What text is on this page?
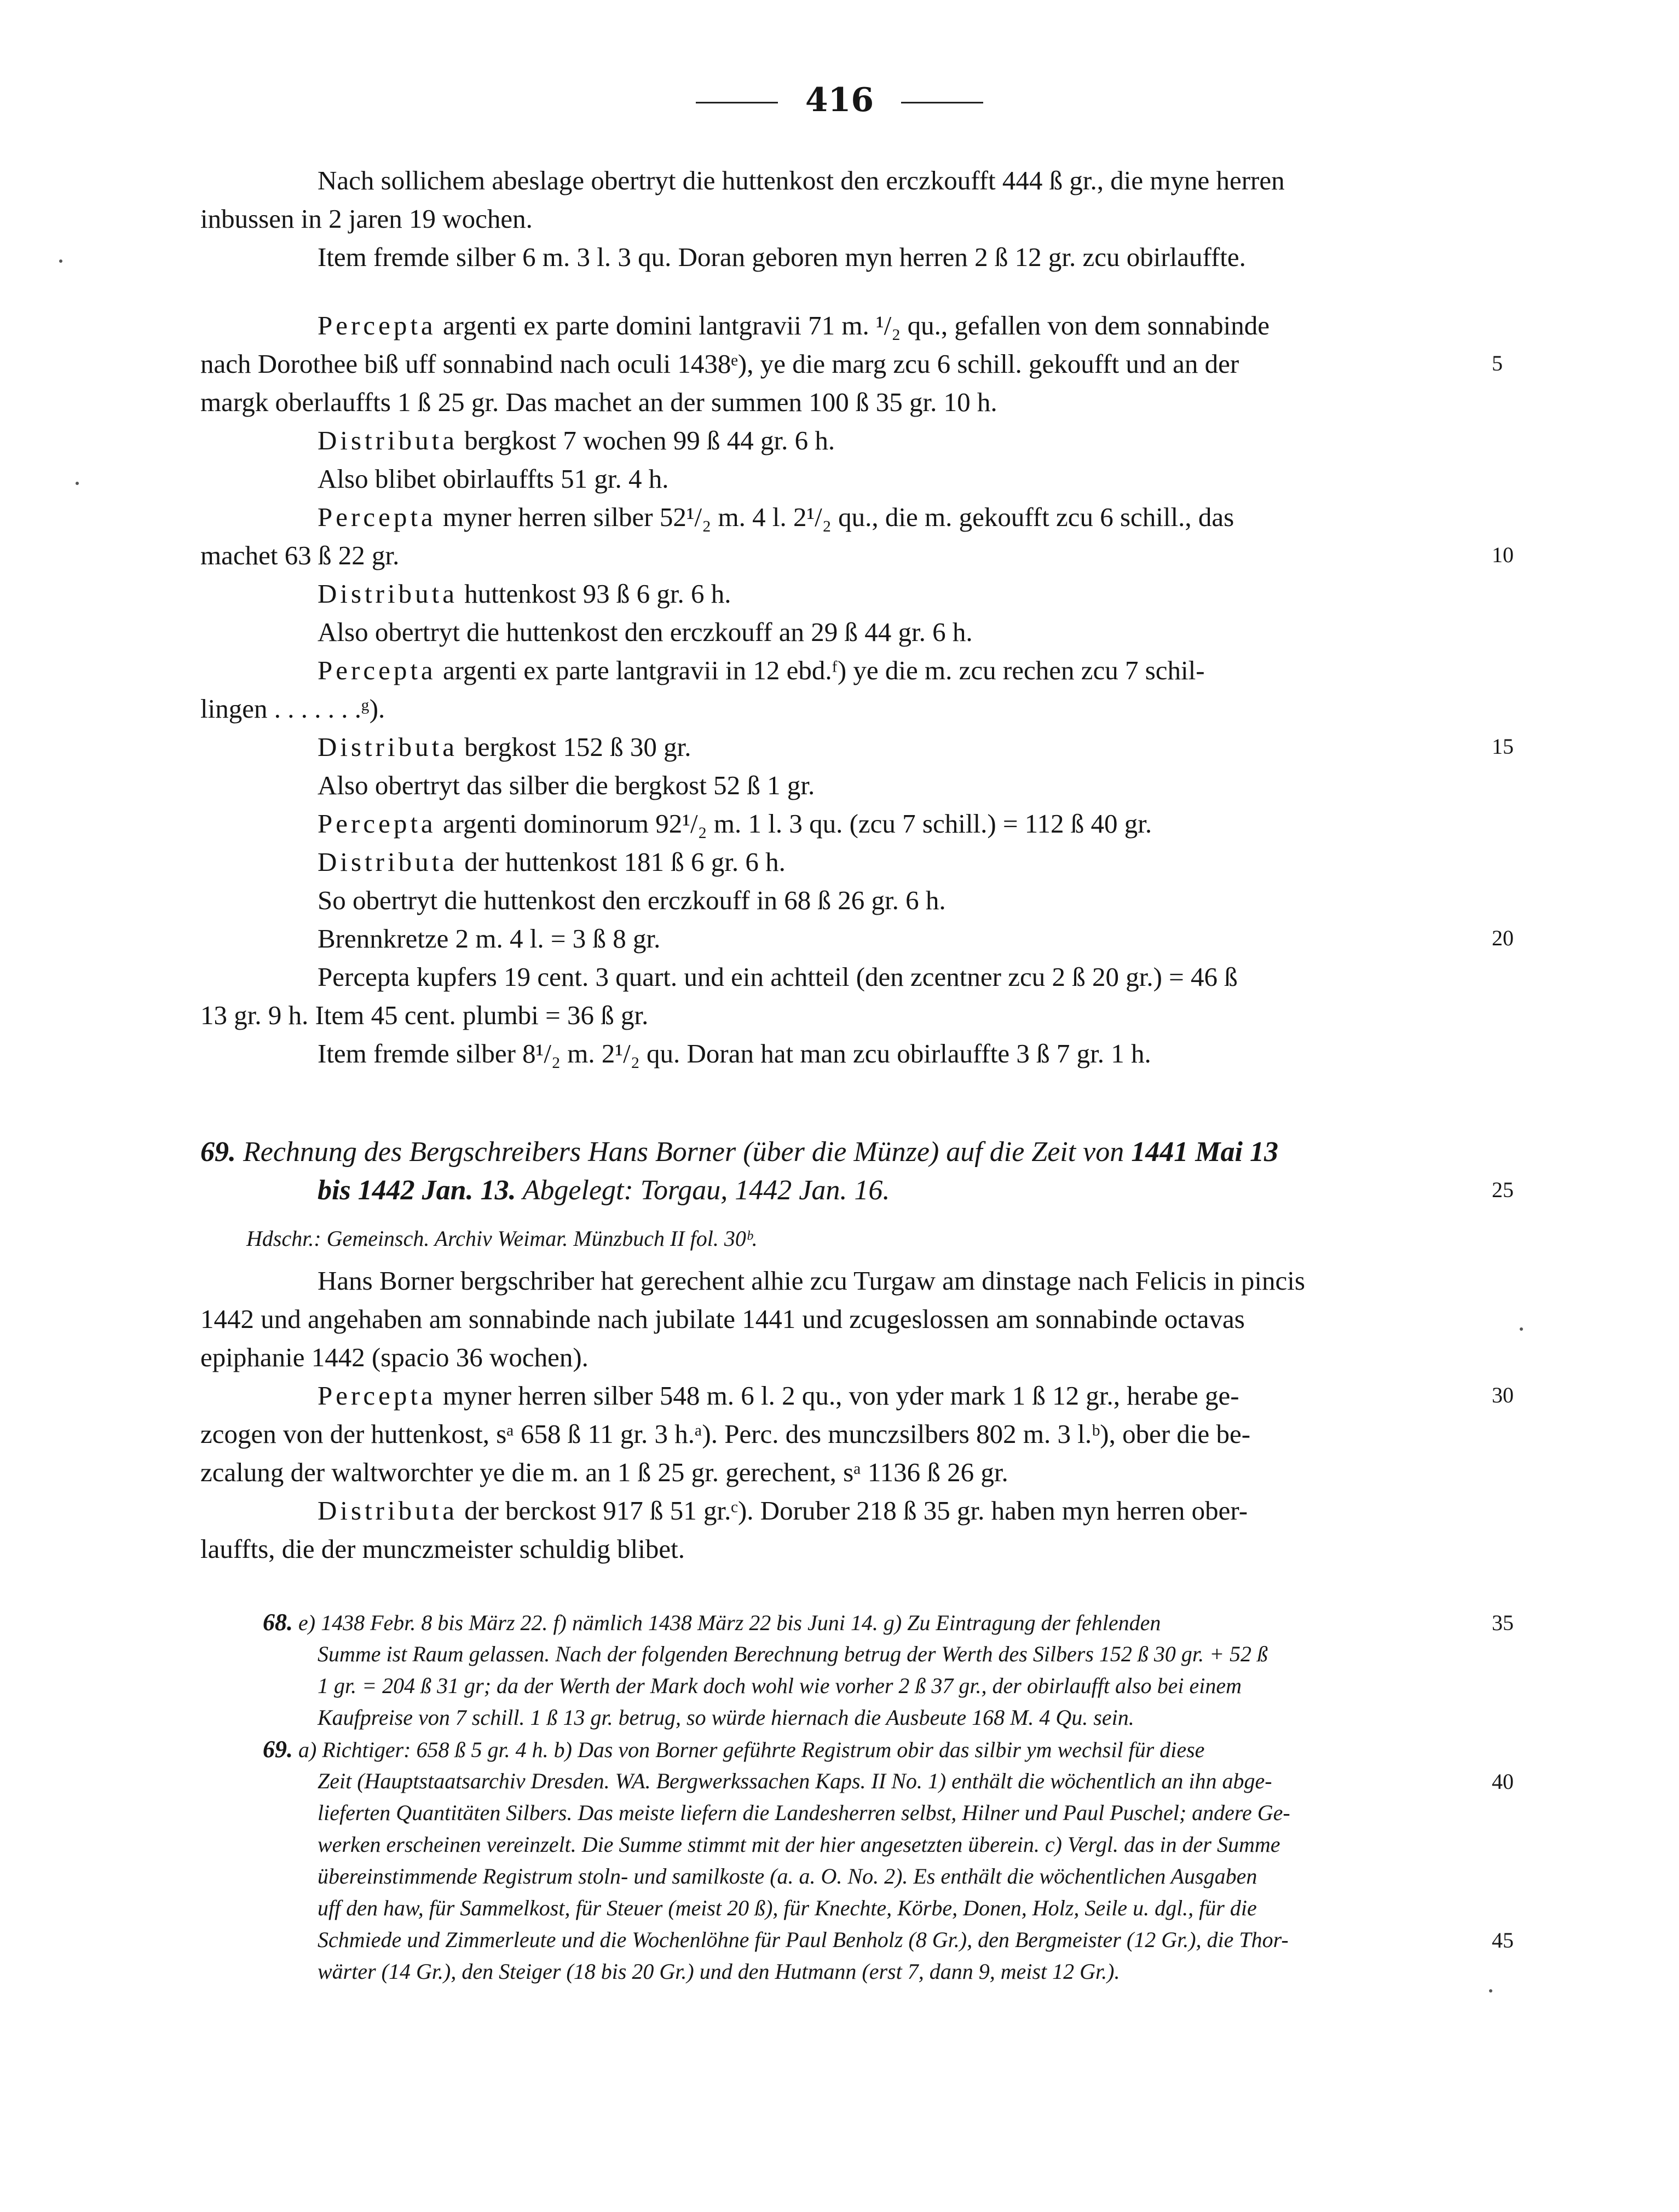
416
Nach sollichem abeslage obertryt die huttenkost den erczkoufft 444 ß gr., die myne herren
inbussen in 2 jaren 19 wochen.
Item fremde silber 6 m. 3 l. 3 qu. Doran geboren myn herren 2 ß 12 gr. zcu obirlauffte.
Percepta argenti ex parte domini lantgravii 71 m. ¹/₂ qu., gefallen von dem sonnabinde
nach Dorothee biß uff sonnabind nach oculi 1438ᵉ), ye die marg zcu 6 schill. gekoufft und an der
margk oberlauffts 1 ß 25 gr. Das machet an der summen 100 ß 35 gr. 10 h.
Distributa bergkost 7 wochen 99 ß 44 gr. 6 h.
Also blibet obirlauffts 51 gr. 4 h.
Percepta myner herren silber 52¹/₂ m. 4 l. 2¹/₂ qu., die m. gekoufft zcu 6 schill., das
machet 63 ß 22 gr.
Distributa huttenkost 93 ß 6 gr. 6 h.
Also obertryt die huttenkost den erczkouff an 29 ß 44 gr. 6 h.
Percepta argenti ex parte lantgravii in 12 ebd.ᶠ) ye die m. zcu rechen zcu 7 schil-
lingen . . . . . . .ᵍ).
Distributa bergkost 152 ß 30 gr.
Also obertryt das silber die bergkost 52 ß 1 gr.
Percepta argenti dominorum 92¹/₂ m. 1 l. 3 qu. (zcu 7 schill.) = 112 ß 40 gr.
Distributa der huttenkost 181 ß 6 gr. 6 h.
So obertryt die huttenkost den erczkouff in 68 ß 26 gr. 6 h.
Brennkretze 2 m. 4 l. = 3 ß 8 gr.
Percepta kupfers 19 cent. 3 quart. und ein achtteil (den zcentner zcu 2 ß 20 gr.) = 46 ß
13 gr. 9 h. Item 45 cent. plumbi = 36 ß gr.
Item fremde silber 8¹/₂ m. 2¹/₂ qu. Doran hat man zcu obirlauffte 3 ß 7 gr. 1 h.
69. Rechnung des Bergschreibers Hans Borner (über die Münze) auf die Zeit von 1441 Mai 13
bis 1442 Jan. 13. Abgelegt: Torgau, 1442 Jan. 16.
Hdschr.: Gemeinsch. Archiv Weimar. Münzbuch II fol. 30ᵇ.
Hans Borner bergschriber hat gerechent alhie zcu Turgaw am dinstage nach Felicis in pincis
1442 und angehaben am sonnabinde nach jubilate 1441 und zcugeslossen am sonnabinde octavas
epiphanie 1442 (spacio 36 wochen).
Percepta myner herren silber 548 m. 6 l. 2 qu., von yder mark 1 ß 12 gr., herabe ge-
zcogen von der huttenkost, sᵃ 658 ß 11 gr. 3 h.ᵃ). Perc. des munczsilbers 802 m. 3 l.ᵇ), ober die be-
zcalung der waltworchter ye die m. an 1 ß 25 gr. gerechent, sᵃ 1136 ß 26 gr.
Distributa der berckost 917 ß 51 gr.ᶜ). Doruber 218 ß 35 gr. haben myn herren ober-
lauffts, die der munczmeister schuldig blibet.
68. e) 1438 Febr. 8 bis März 22. f) nämlich 1438 März 22 bis Juni 14. g) Zu Eintragung der fehlenden
Summe ist Raum gelassen. Nach der folgenden Berechnung betrug der Werth des Silbers 152 ß 30 gr. + 52 ß
1 gr. = 204 ß 31 gr; da der Werth der Mark doch wohl wie vorher 2 ß 37 gr., der obirlaufft also bei einem
Kaufpreise von 7 schill. 1 ß 13 gr. betrug, so würde hiernach die Ausbeute 168 M. 4 Qu. sein.
69. a) Richtiger: 658 ß 5 gr. 4 h. b) Das von Borner geführte Registrum obir das silbir ym wechsil für diese
Zeit (Hauptstaatsarchiv Dresden. WA. Bergwerkssachen Kaps. II No. 1) enthält die wöchentlich an ihn abge-
lieferten Quantitäten Silbers. Das meiste liefern die Landesherren selbst, Hilner und Paul Puschel; andere Ge-
werken erscheinen vereinzelt. Die Summe stimmt mit der hier angesetzten überein. c) Vergl. das in der Summe
übereinstimmende Registrum stoln- und samilkoste (a. a. O. No. 2). Es enthält die wöchentlichen Ausgaben
uff den haw, für Sammelkost, für Steuer (meist 20 ß), für Knechte, Körbe, Donen, Holz, Seile u. dgl., für die
Schmiede und Zimmerleute und die Wochenlöhne für Paul Benholz (8 Gr.), den Bergmeister (12 Gr.), die Thor-
wärter (14 Gr.), den Steiger (18 bis 20 Gr.) und den Hutmann (erst 7, dann 9, meist 12 Gr.).
5
10
15
20
25
30
35
40
45
